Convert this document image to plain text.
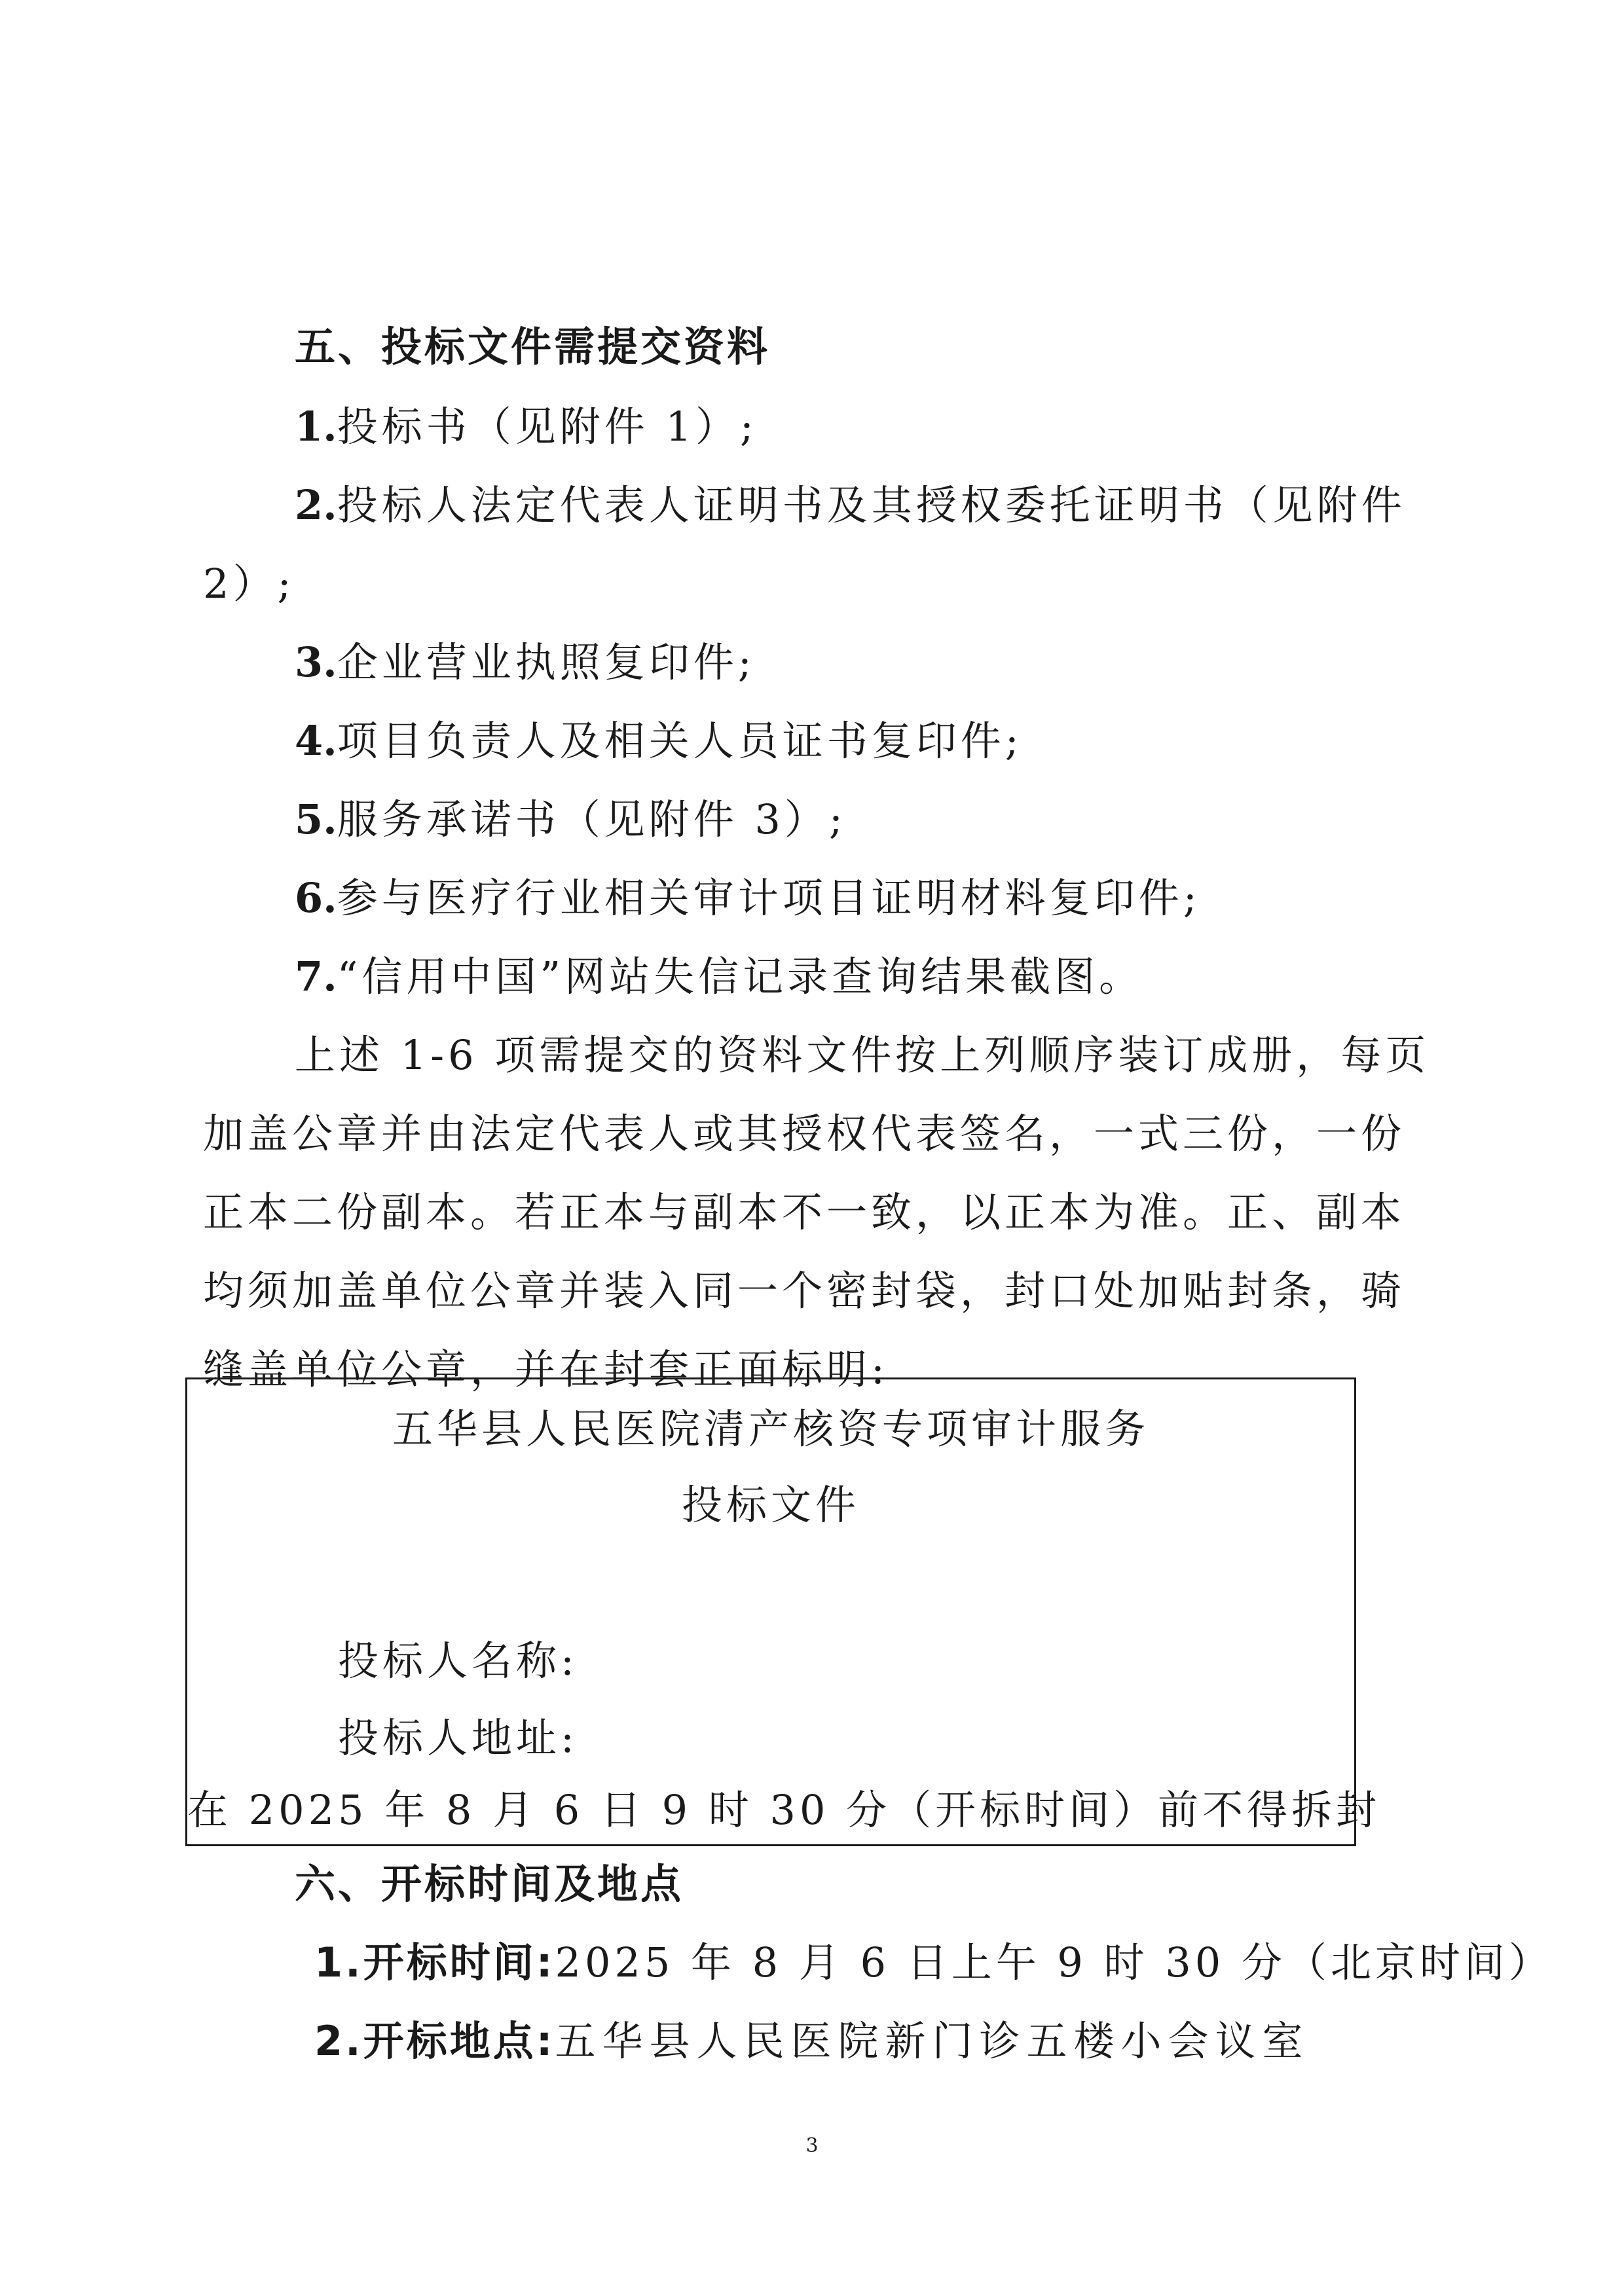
五、投标文件需提交资料
1.投标书（见附件 1）;
2.投标人法定代表人证明书及其授权委托证明书（见附件
2）;
3.企业营业执照复印件;
4.项目负责人及相关人员证书复印件;
5.服务承诺书（见附件 3）;
6.参与医疗行业相关审计项目证明材料复印件;
7.“信用中国”网站失信记录查询结果截图。
上述 1-6 项需提交的资料文件按上列顺序装订成册，每页
加盖公章并由法定代表人或其授权代表签名，一式三份，一份
正本二份副本。若正本与副本不一致，以正本为准。正、副本
均须加盖单位公章并装入同一个密封袋，封口处加贴封条，骑
缝盖单位公章，并在封套正面标明:
五华县人民医院清产核资专项审计服务
投标文件
投标人名称:
投标人地址:
在 2025 年 8 月 6 日 9 时 30 分（开标时间）前不得拆封
六、开标时间及地点
1.开标时间:2025 年 8 月 6 日上午 9 时 30 分（北京时间）
2.开标地点:五华县人民医院新门诊五楼小会议室
3
